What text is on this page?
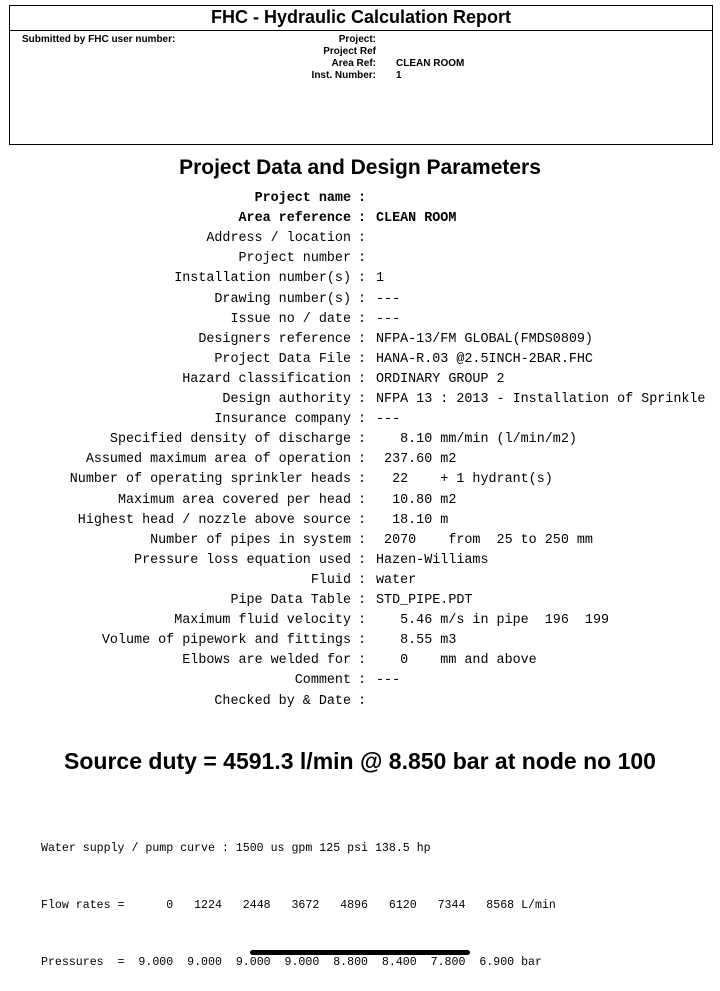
FHC - Hydraulic Calculation Report
Submitted by FHC user number:	Project:
Project Ref
Area Ref: CLEAN ROOM
Inst. Number: 1
Project Data and Design Parameters
Project name :
Area reference : CLEAN ROOM
Address / location :
Project number :
Installation number(s) : 1
Drawing number(s) : ---
Issue no / date : ---
Designers reference : NFPA-13/FM GLOBAL(FMDS0809)
Project Data File : HANA-R.03 @2.5INCH-2BAR.FHC
Hazard classification : ORDINARY GROUP 2
Design authority : NFPA 13 : 2013 - Installation of Sprinkle
Insurance company : ---
Specified density of discharge : 8.10 mm/min (l/min/m2)
Assumed maximum area of operation : 237.60 m2
Number of operating sprinkler heads : 22    + 1 hydrant(s)
Maximum area covered per head : 10.80 m2
Highest head / nozzle above source : 18.10 m
Number of pipes in system : 2070    from  25 to 250 mm
Pressure loss equation used : Hazen-Williams
Fluid : water
Pipe Data Table : STD_PIPE.PDT
Maximum fluid velocity : 5.46 m/s in pipe  196  199
Volume of pipework and fittings : 8.55 m3
Elbows are welded for : 0    mm and above
Comment : ---
Checked by & Date :
Source duty = 4591.3 l/min @ 8.850 bar at node no 100

Water supply / pump curve : 1500 us gpm 125 psi 138.5 hp

Flow rates =      0   1224   2448   3672   4896   6120   7344   8568 L/min

Pressures  =  9.000  9.000  9.000  9.000  8.800  8.400  7.800  6.900 bar
